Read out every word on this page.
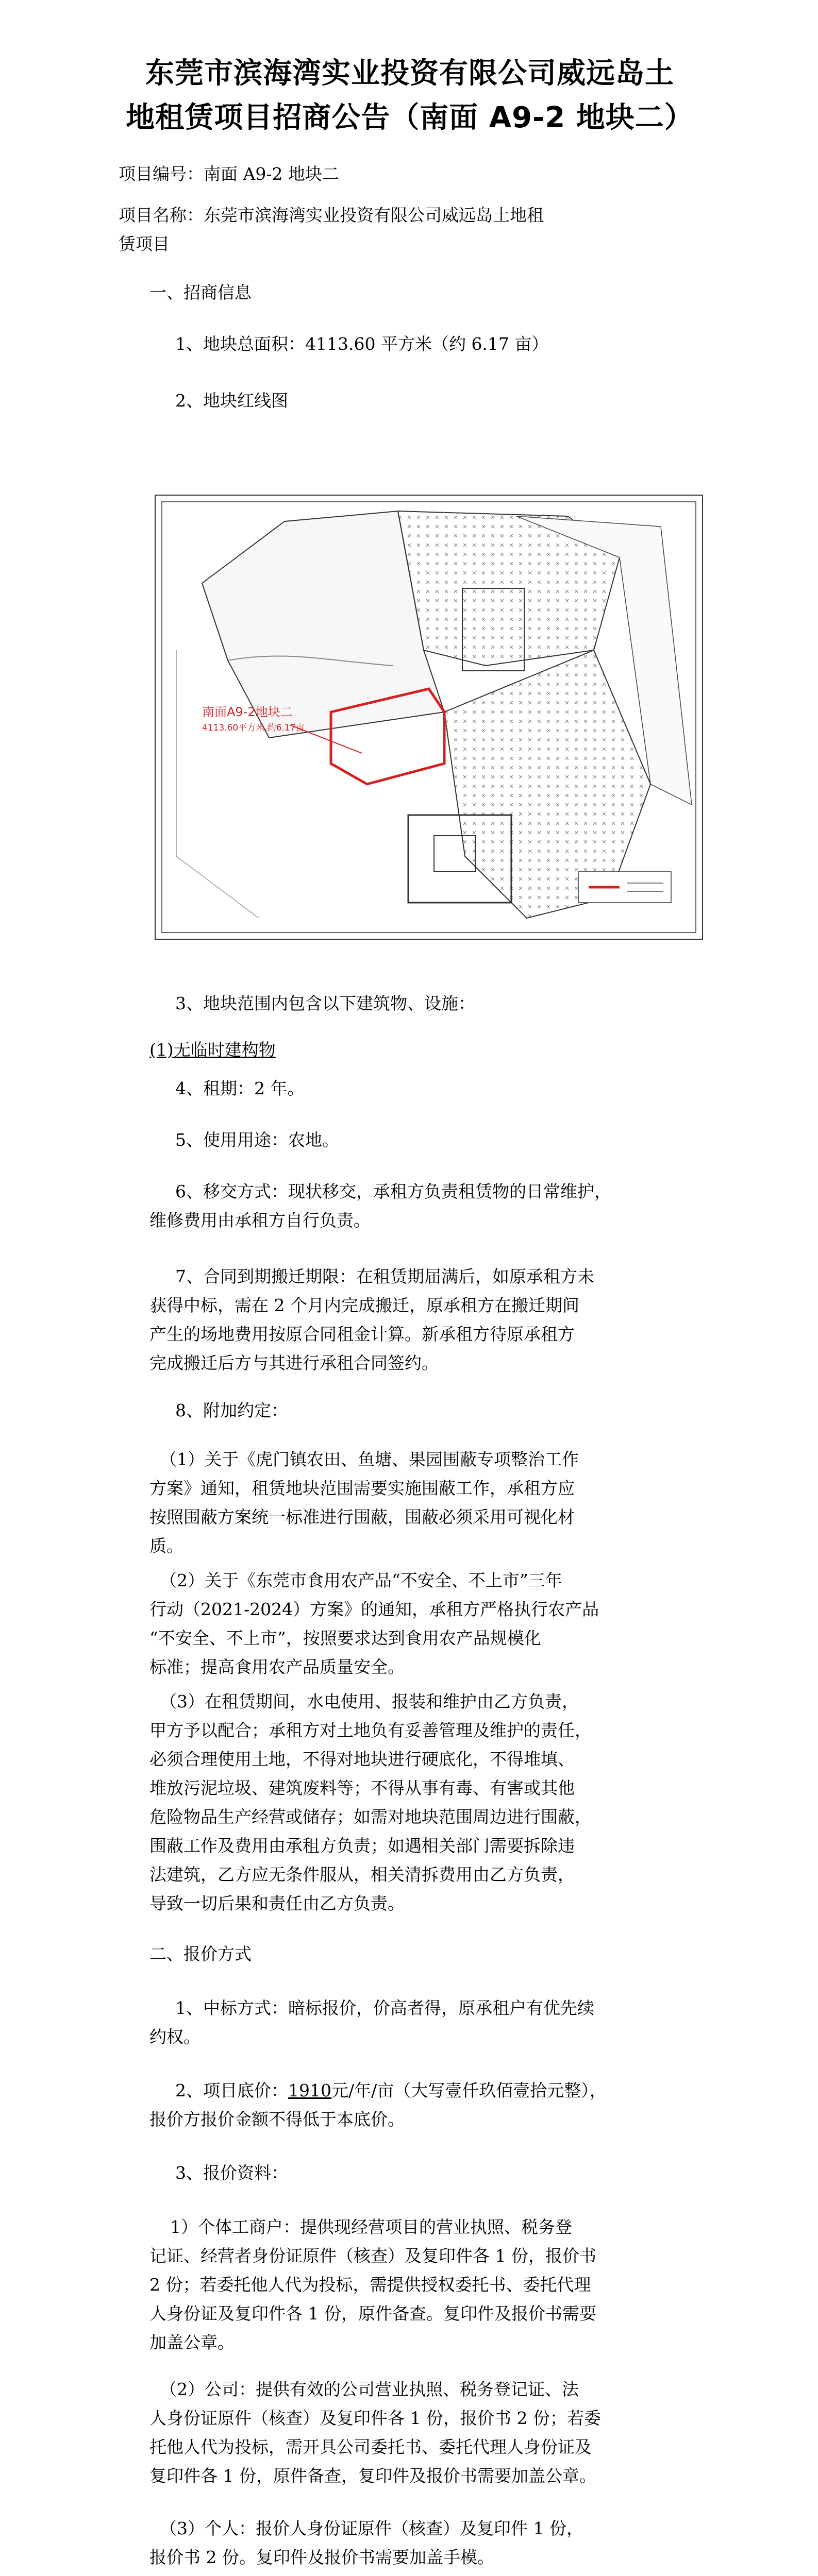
东莞市滨海湾实业投资有限公司威远岛土
地租赁项目招商公告（南面 A9-2 地块二）
项目编号：南面 A9-2 地块二
项目名称：东莞市滨海湾实业投资有限公司威远岛土地租
赁项目
一、招商信息
1、地块总面积：4113.60 平方米（约 6.17 亩）
2、地块红线图
南面A9-2地块二
4113.60平方米,约6.17亩
3、地块范围内包含以下建筑物、设施：
(1)无临时建构物
4、租期：2 年。
5、使用用途：农地。
6、移交方式：现状移交，承租方负责租赁物的日常维护，
维修费用由承租方自行负责。
7、合同到期搬迁期限：在租赁期届满后，如原承租方未
获得中标，需在 2 个月内完成搬迁，原承租方在搬迁期间
产生的场地费用按原合同租金计算。新承租方待原承租方
完成搬迁后方与其进行承租合同签约。
8、附加约定：
（1）关于《虎门镇农田、鱼塘、果园围蔽专项整治工作
方案》通知，租赁地块范围需要实施围蔽工作，承租方应
按照围蔽方案统一标准进行围蔽，围蔽必须采用可视化材
质。
（2）关于《东莞市食用农产品“不安全、不上市”三年
行动（2021-2024）方案》的通知，承租方严格执行农产品
“不安全、不上市”，按照要求达到食用农产品规模化
标准；提高食用农产品质量安全。
（3）在租赁期间，水电使用、报装和维护由乙方负责，
甲方予以配合；承租方对土地负有妥善管理及维护的责任，
必须合理使用土地，不得对地块进行硬底化，不得堆填、
堆放污泥垃圾、建筑废料等；不得从事有毒、有害或其他
危险物品生产经营或储存；如需对地块范围周边进行围蔽，
围蔽工作及费用由承租方负责；如遇相关部门需要拆除违
法建筑，乙方应无条件服从，相关清拆费用由乙方负责，
导致一切后果和责任由乙方负责。
二、报价方式
1、中标方式：暗标报价，价高者得，原承租户有优先续
约权。
2、项目底价：1910元/年/亩（大写壹仟玖佰壹拾元整），
报价方报价金额不得低于本底价。
3、报价资料：
1）个体工商户：提供现经营项目的营业执照、税务登
记证、经营者身份证原件（核查）及复印件各 1 份，报价书
2 份；若委托他人代为投标，需提供授权委托书、委托代理
人身份证及复印件各 1 份，原件备查。复印件及报价书需要
加盖公章。
（2）公司：提供有效的公司营业执照、税务登记证、法
人身份证原件（核查）及复印件各 1 份，报价书 2 份；若委
托他人代为投标，需开具公司委托书、委托代理人身份证及
复印件各 1 份，原件备查，复印件及报价书需要加盖公章。
（3）个人：报价人身份证原件（核查）及复印件 1 份，
报价书 2 份。复印件及报价书需要加盖手模。
